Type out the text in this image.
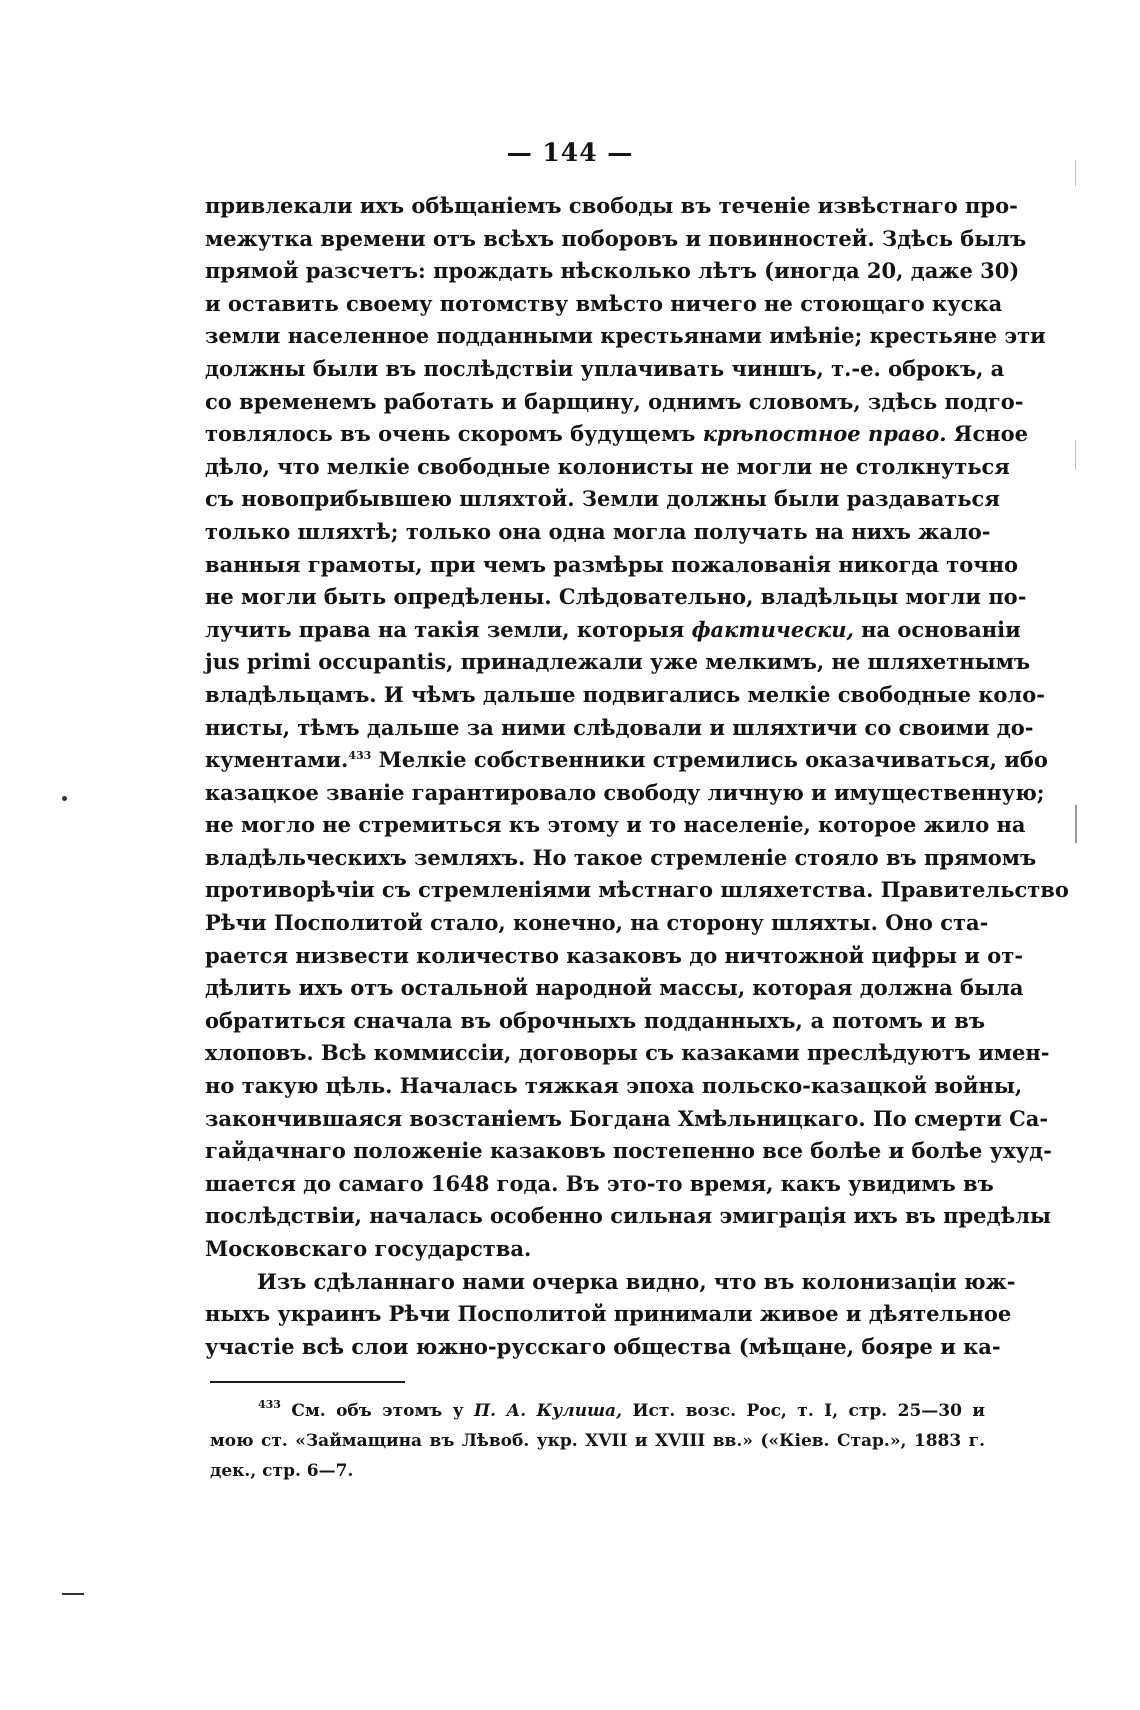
— 144 —
привлекали ихъ обѣщаніемъ свободы въ теченіе извѣстнаго про-
межутка времени отъ всѣхъ поборовъ и повинностей. Здѣсь былъ
прямой разсчетъ: прождать нѣсколько лѣтъ (иногда 20, даже 30)
и оставить своему потомству вмѣсто ничего не стоющаго куска
земли населенное подданными крестьянами имѣніе; крестьяне эти
должны были въ послѣдствіи уплачивать чиншъ, т.-е. оброкъ, а
со временемъ работать и барщину, однимъ словомъ, здѣсь подго-
товлялось въ очень скоромъ будущемъ крѣпостное право. Ясное
дѣло, что мелкіе свободные колонисты не могли не столкнуться
съ новоприбывшею шляхтой. Земли должны были раздаваться
только шляхтѣ; только она одна могла получать на нихъ жало-
ванныя грамоты, при чемъ размѣры пожалованія никогда точно
не могли быть опредѣлены. Слѣдовательно, владѣльцы могли по-
лучить права на такія земли, которыя фактически, на основаніи
jus primi occupantis, принадлежали уже мелкимъ, не шляхетнымъ
владѣльцамъ. И чѣмъ дальше подвигались мелкіе свободные коло-
нисты, тѣмъ дальше за ними слѣдовали и шляхтичи со своими до-
кументами.$^{433}$ Мелкіе собственники стремились оказачиваться, ибо
казацкое званіе гарантировало свободу личную и имущественную;
не могло не стремиться къ этому и то населеніе, которое жило на
владѣльческихъ земляхъ. Но такое стремленіе стояло въ прямомъ
противорѣчіи съ стремленіями мѣстнаго шляхетства. Правительство
Рѣчи Посполитой стало, конечно, на сторону шляхты. Оно ста-
рается низвести количество казаковъ до ничтожной цифры и от-
дѣлить ихъ отъ остальной народной массы, которая должна была
обратиться сначала въ оброчныхъ подданныхъ, а потомъ и въ
хлоповъ. Всѣ коммиссіи, договоры съ казаками преслѣдуютъ имен-
но такую цѣль. Началась тяжкая эпоха польско-казацкой войны,
закончившаяся возстаніемъ Богдана Хмѣльницкаго. По смерти Са-
гайдачнаго положеніе казаковъ постепенно все болѣе и болѣе ухуд-
шается до самаго 1648 года. Въ это-то время, какъ увидимъ въ
послѣдствіи, началась особенно сильная эмиграція ихъ въ предѣлы
Московскаго государства.
Изъ сдѣланнаго нами очерка видно, что въ колонизаціи юж-
ныхъ украинъ Рѣчи Посполитой принимали живое и дѣятельное
участіе всѣ слои южно-русскаго общества (мѣщане, бояре и ка-
$^{433}$ См. объ этомъ у П. А. Кулиша, Ист. возс. Рос, т. I, стр. 25—30 и
мою ст. «Займащина въ Лѣвоб. укр. XVII и XVIII вв.» («Кіев. Стар.», 1883 г.
дек., стр. 6—7.
